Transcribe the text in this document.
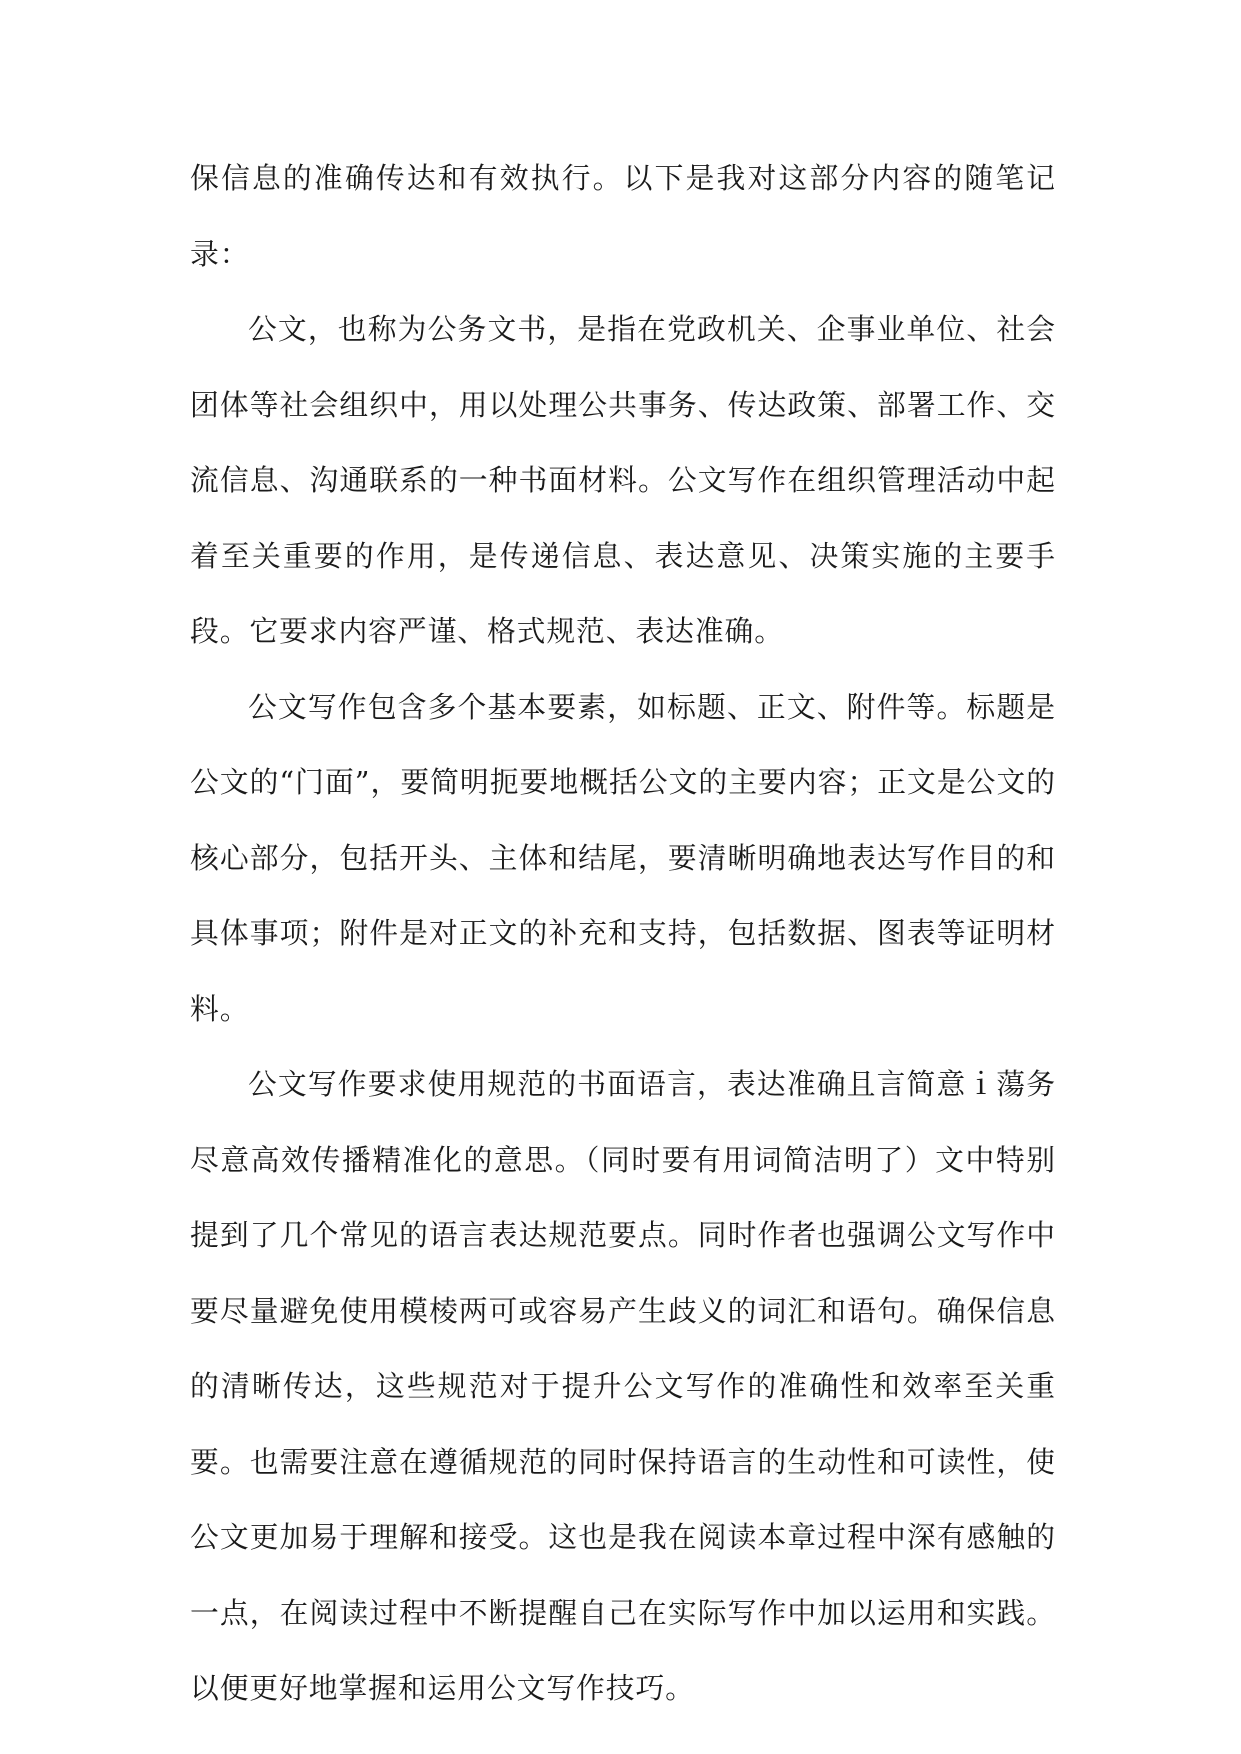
保信息的准确传达和有效执行。以下是我对这部分内容的随笔记录：

公文，也称为公务文书，是指在党政机关、企事业单位、社会团体等社会组织中，用以处理公共事务、传达政策、部署工作、交流信息、沟通联系的一种书面材料。公文写作在组织管理活动中起着至关重要的作用，是传递信息、表达意见、决策实施的主要手段。它要求内容严谨、格式规范、表达准确。

公文写作包含多个基本要素，如标题、正文、附件等。标题是公文的“门面”，要简明扼要地概括公文的主要内容；正文是公文的核心部分，包括开头、主体和结尾，要清晰明确地表达写作目的和具体事项；附件是对正文的补充和支持，包括数据、图表等证明材料。

公文写作要求使用规范的书面语言，表达准确且言简意ｉ蕩务尽意高效传播精准化的意思。（同时要有用词简洁明了）文中特别提到了几个常见的语言表达规范要点。同时作者也强调公文写作中要尽量避免使用模棱两可或容易产生歧义的词汇和语句。确保信息的清晰传达，这些规范对于提升公文写作的准确性和效率至关重要。也需要注意在遵循规范的同时保持语言的生动性和可读性，使公文更加易于理解和接受。这也是我在阅读本章过程中深有感触的一点，在阅读过程中不断提醒自己在实际写作中加以运用和实践。以便更好地掌握和运用公文写作技巧。
